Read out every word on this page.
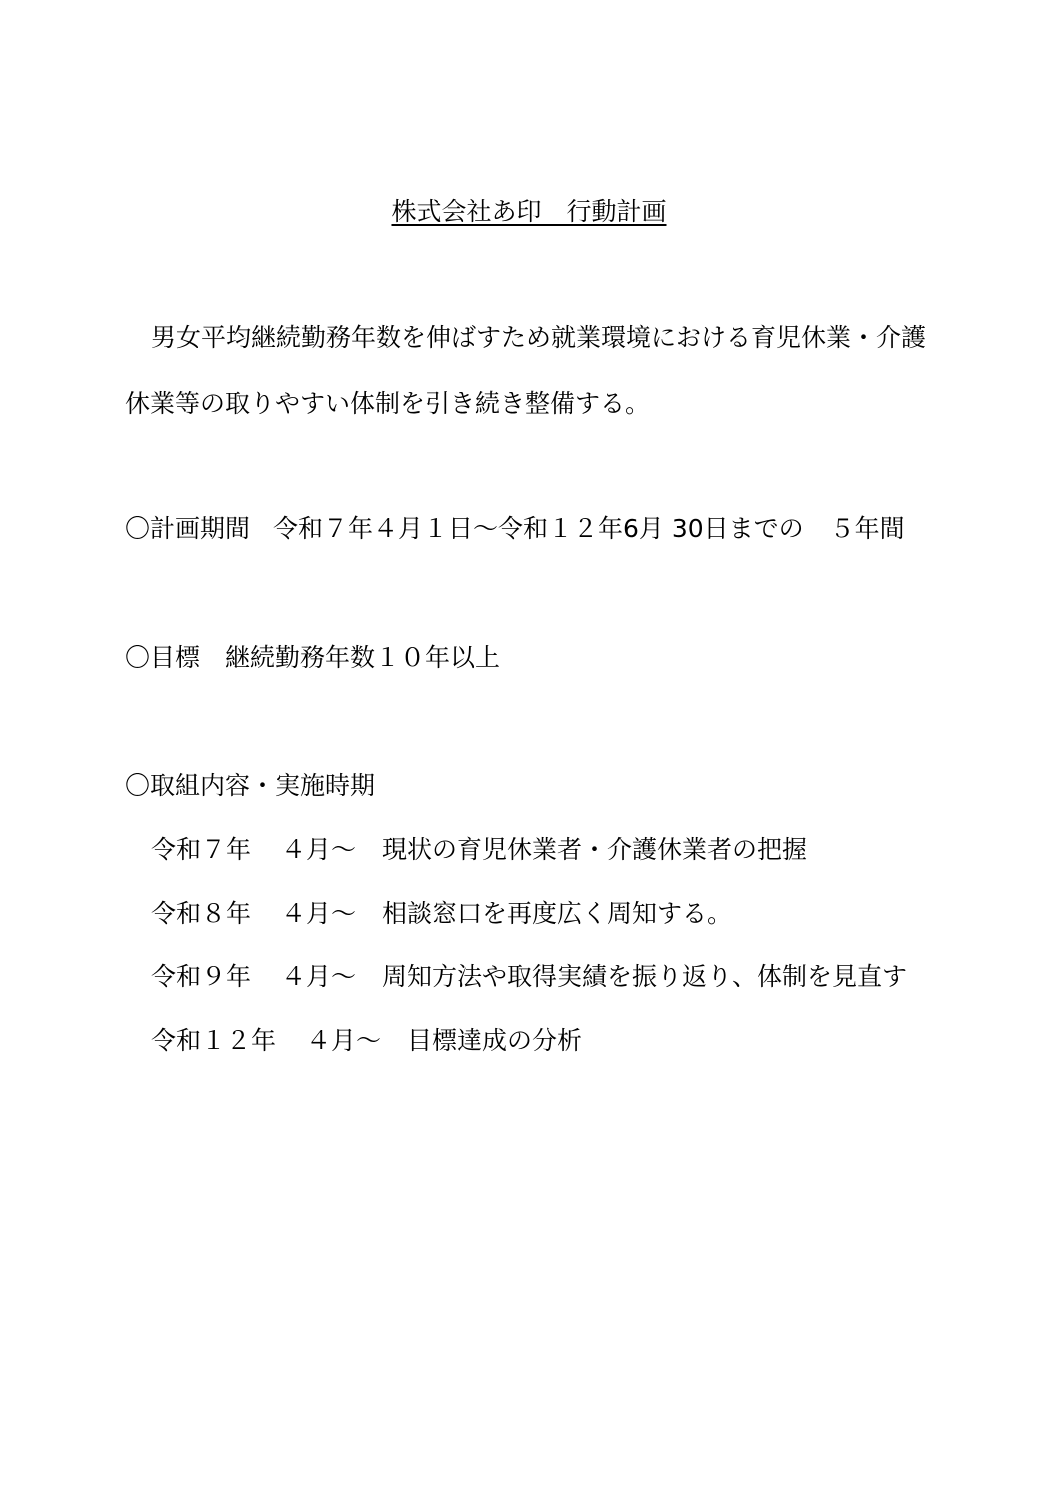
株式会社あ印　行動計画
男女平均継続勤務年数を伸ばすため就業環境における育児休業・介護
休業等の取りやすい体制を引き続き整備する。
〇計画期間 令和７年４月１日～令和１２年6月 30日までの ５年間
〇目標 継続勤務年数１０年以上
〇取組内容・実施時期
令和７年 ４月～ 現状の育児休業者・介護休業者の把握
令和８年 ４月～ 相談窓口を再度広く周知する。
令和９年 ４月～ 周知方法や取得実績を振り返り、体制を見直す
令和１２年 ４月～ 目標達成の分析
